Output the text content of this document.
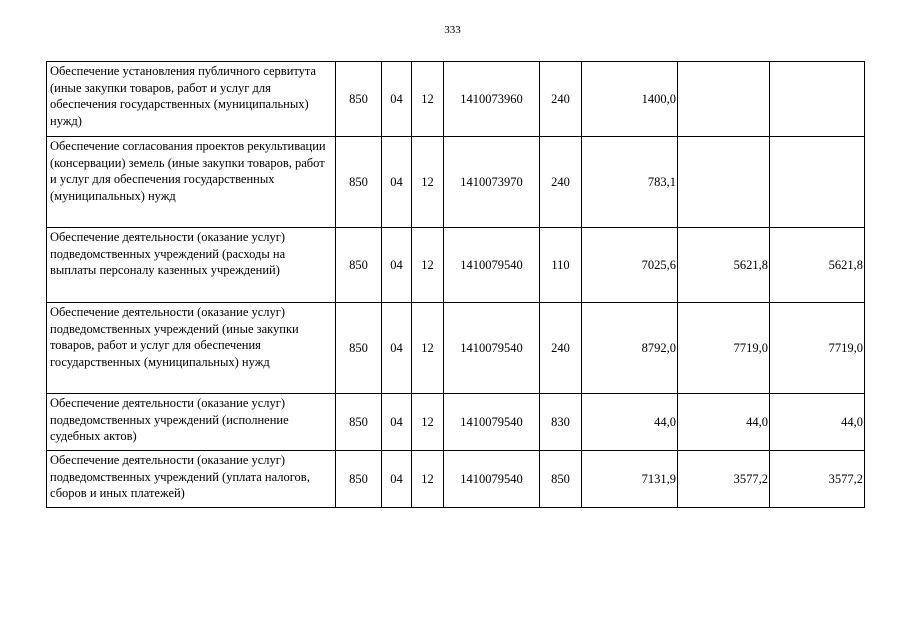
333
Обеспечение установления публичного сервитута (иные закупки товаров, работ и услуг для обеспечения государственных (муниципальных) нужд)	850	04	12	1410073960	240	1400,0		
Обеспечение согласования проектов рекультивации (консервации) земель (иные закупки товаров, работ и услуг для обеспечения государственных (муниципальных) нужд	850	04	12	1410073970	240	783,1		
Обеспечение деятельности (оказание услуг) подведомственных учреждений (расходы на выплаты персоналу казенных учреждений)	850	04	12	1410079540	110	7025,6	5621,8	5621,8
Обеспечение деятельности (оказание услуг) подведомственных учреждений (иные закупки товаров, работ и услуг для обеспечения государственных (муниципальных) нужд	850	04	12	1410079540	240	8792,0	7719,0	7719,0
Обеспечение деятельности (оказание услуг) подведомственных учреждений (исполнение судебных актов)	850	04	12	1410079540	830	44,0	44,0	44,0
Обеспечение деятельности (оказание услуг) подведомственных учреждений (уплата налогов, сборов и иных платежей)	850	04	12	1410079540	850	7131,9	3577,2	3577,2
